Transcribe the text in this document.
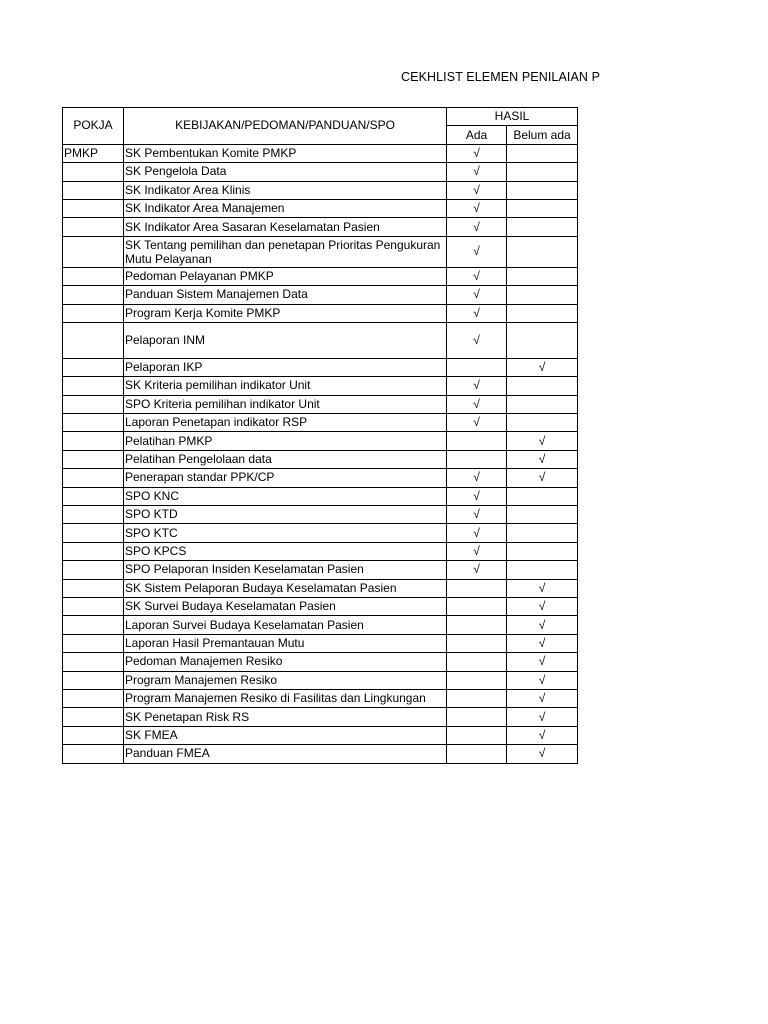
CEKHLIST ELEMEN PENILAIAN P
POKJA	KEBIJAKAN/PEDOMAN/PANDUAN/SPO	HASIL	
		Ada	Belum ada
PMKP	SK Pembentukan Komite PMKP	√	
	SK Pengelola Data	√	
	SK Indikator Area Klinis	√	
	SK Indikator Area Manajemen	√	
	SK Indikator Area Sasaran Keselamatan Pasien	√	
	SK Tentang pemilihan dan penetapan Prioritas Pengukuran Mutu Pelayanan	√	
	Pedoman Pelayanan PMKP	√	
	Panduan Sistem Manajemen Data	√	
	Program Kerja Komite PMKP	√	
	Pelaporan INM	√	
	Pelaporan IKP		√
	SK Kriteria pemilihan indikator Unit	√	
	SPO Kriteria pemilihan indikator Unit	√	
	Laporan Penetapan indikator RSP	√	
	Pelatihan PMKP		√
	Pelatihan Pengelolaan data		√
	Penerapan standar PPK/CP	√	√
	SPO KNC	√	
	SPO KTD	√	
	SPO KTC	√	
	SPO KPCS	√	
	SPO Pelaporan Insiden Keselamatan Pasien	√	
	SK Sistem Pelaporan Budaya Keselamatan Pasien		√
	SK Survei Budaya Keselamatan Pasien		√
	Laporan Survei Budaya Keselamatan Pasien		√
	Laporan Hasil Premantauan Mutu		√
	Pedoman Manajemen Resiko		√
	Program Manajemen Resiko		√
	Program Manajemen Resiko di Fasilitas dan Lingkungan		√
	SK Penetapan Risk RS		√
	SK FMEA		√
	Panduan FMEA		√
